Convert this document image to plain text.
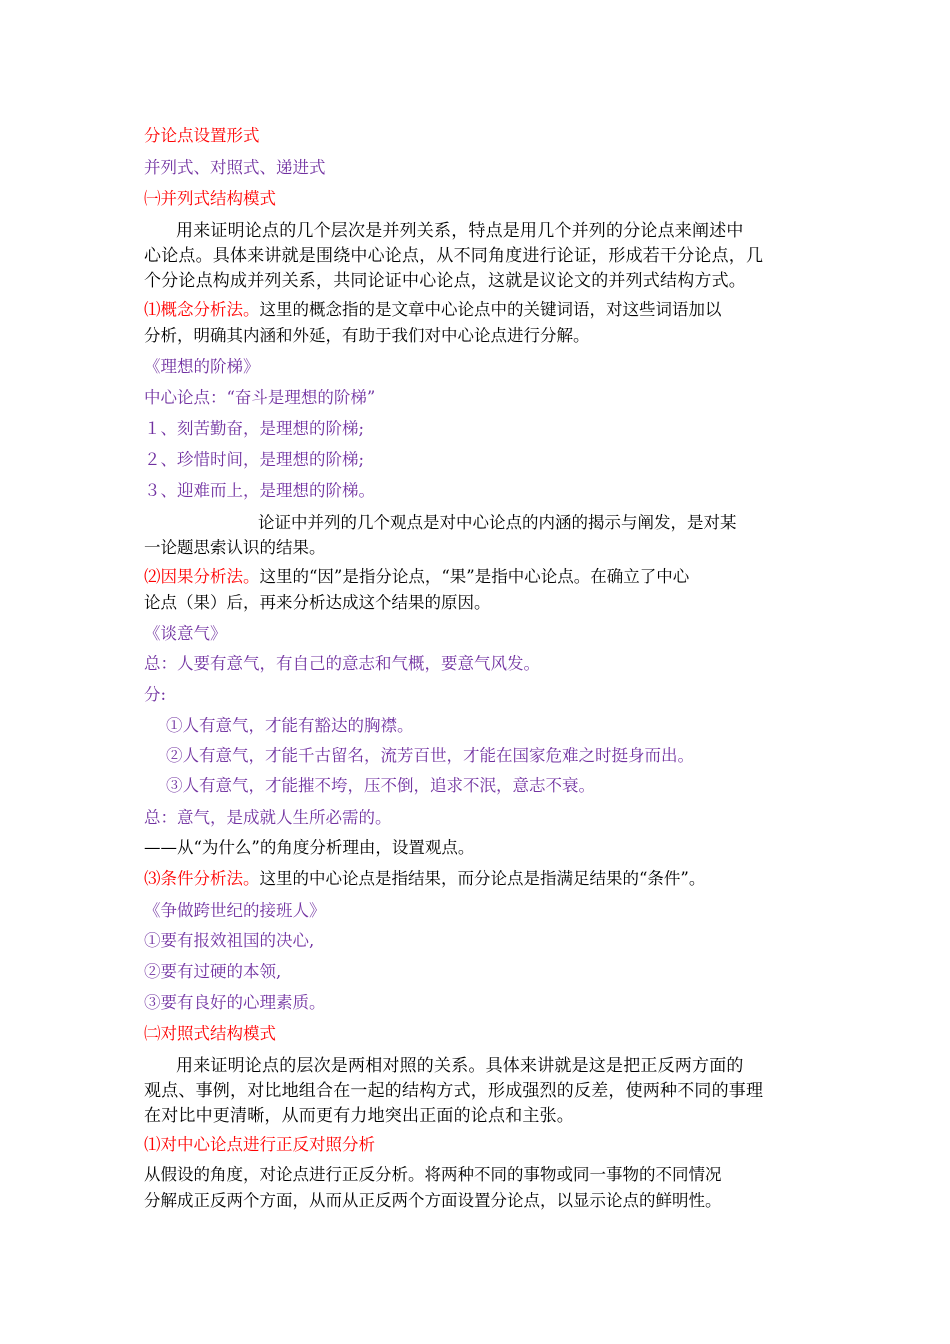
分论点设置形式
并列式、对照式、递进式
㈠并列式结构模式
用来证明论点的几个层次是并列关系，特点是用几个并列的分论点来阐述中
心论点。具体来讲就是围绕中心论点，从不同角度进行论证，形成若干分论点，几
个分论点构成并列关系，共同论证中心论点，这就是议论文的并列式结构方式。
⑴概念分析法。这里的概念指的是文章中心论点中的关键词语，对这些词语加以
分析，明确其内涵和外延，有助于我们对中心论点进行分解。
《理想的阶梯》
中心论点：“奋斗是理想的阶梯”
１、刻苦勤奋，是理想的阶梯;
２、珍惜时间，是理想的阶梯;
３、迎难而上，是理想的阶梯。
论证中并列的几个观点是对中心论点的内涵的揭示与阐发，是对某
一论题思索认识的结果。
⑵因果分析法。这里的“因”是指分论点，“果”是指中心论点。在确立了中心
论点（果）后，再来分析达成这个结果的原因。
《谈意气》
总：人要有意气，有自己的意志和气概，要意气风发。
分:
①人有意气，才能有豁达的胸襟。
②人有意气，才能千古留名，流芳百世，才能在国家危难之时挺身而出。
③人有意气，才能摧不垮，压不倒，追求不泯，意志不衰。
总：意气，是成就人生所必需的。
——从“为什么”的角度分析理由，设置观点。
⑶条件分析法。这里的中心论点是指结果，而分论点是指满足结果的“条件”。
《争做跨世纪的接班人》
①要有报效祖国的决心,
②要有过硬的本领,
③要有良好的心理素质。
㈡对照式结构模式
用来证明论点的层次是两相对照的关系。具体来讲就是这是把正反两方面的
观点、事例，对比地组合在一起的结构方式，形成强烈的反差，使两种不同的事理
在对比中更清晰，从而更有力地突出正面的论点和主张。
⑴对中心论点进行正反对照分析
从假设的角度，对论点进行正反分析。将两种不同的事物或同一事物的不同情况
分解成正反两个方面，从而从正反两个方面设置分论点，以显示论点的鲜明性。
